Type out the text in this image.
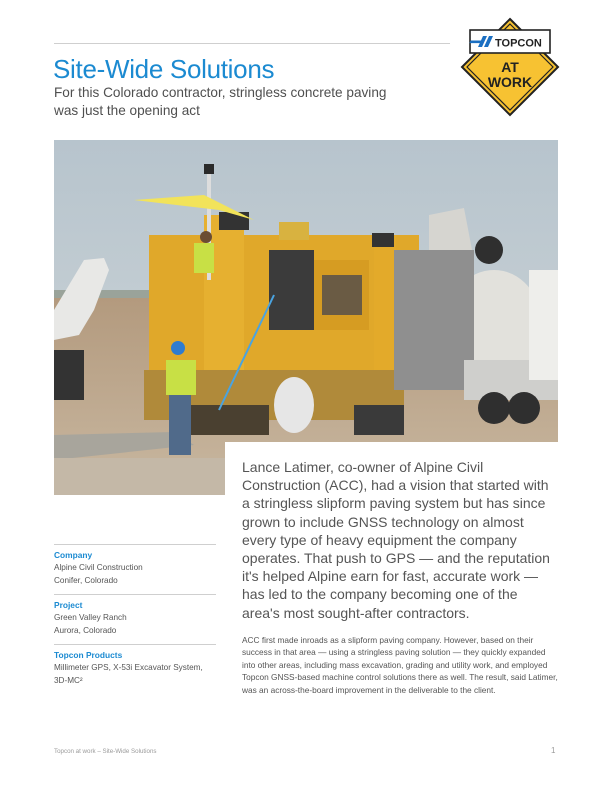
Site-Wide Solutions
For this Colorado contractor, stringless concrete paving
was just the opening act
TOPCON
AT
WORK
Lance Latimer, co-owner of Alpine Civil Construction (ACC), had a vision that started with a stringless slipform paving system but has since grown to include GNSS technology on almost every type of heavy equipment the company operates. That push to GPS — and the reputation it's helped Alpine earn for fast, accurate work — has led to the company becoming one of the area's most sought-after contractors.
ACC first made inroads as a slipform paving company. However, based on their success in that area — using a stringless paving solution — they quickly expanded into other areas, including mass excavation, grading and utility work, and employed Topcon GNSS-based machine control solutions there as well. The result, said Latimer, was an across-the-board improvement in the deliverable to the client.
Company
Alpine Civil Construction
Conifer, Colorado
Project
Green Valley Ranch
Aurora, Colorado
Topcon Products
Millimeter GPS, X-53i Excavator System,
3D-MC²
Topcon at work – Site-Wide Solutions	1
